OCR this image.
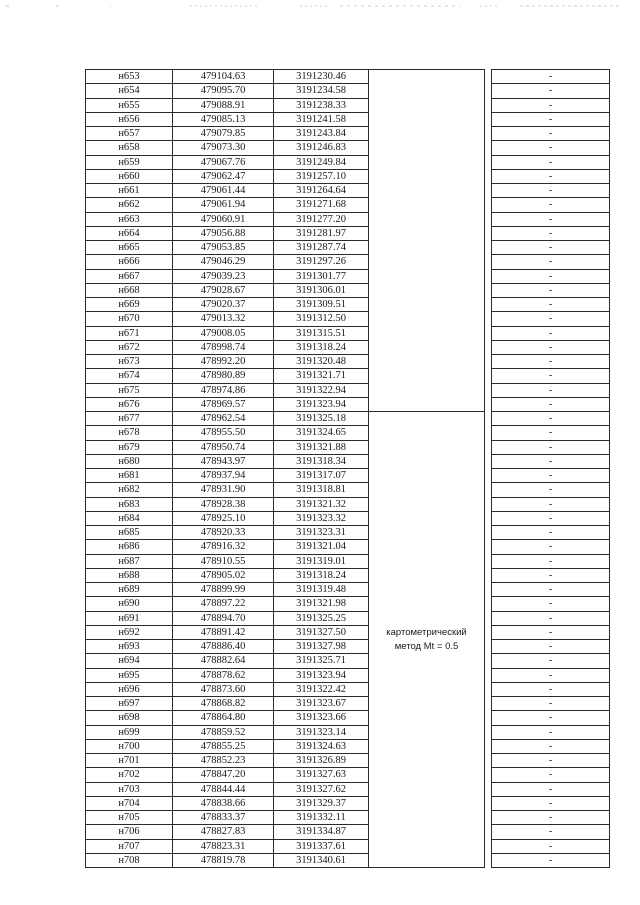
н653	479104.63	3191230.46			-
н654	479095.70	3191234.58			-
н655	479088.91	3191238.33			-
н656	479085.13	3191241.58			-
н657	479079.85	3191243.84			-
н658	479073.30	3191246.83			-
н659	479067.76	3191249.84			-
н660	479062.47	3191257.10			-
н661	479061.44	3191264.64			-
н662	479061.94	3191271.68			-
н663	479060.91	3191277.20			-
н664	479056.88	3191281.97			-
н665	479053.85	3191287.74			-
н666	479046.29	3191297.26			-
н667	479039.23	3191301.77			-
н668	479028.67	3191306.01			-
н669	479020.37	3191309.51			-
н670	479013.32	3191312.50			-
н671	479008.05	3191315.51			-
н672	478998.74	3191318.24			-
н673	478992.20	3191320.48			-
н674	478980.89	3191321.71			-
н675	478974.86	3191322.94			-
н676	478969.57	3191323.94			-
н677	478962.54	3191325.18	картометрический
метод Mt = 0.5		-
н678	478955.50	3191324.65			-
н679	478950.74	3191321.88			-
н680	478943.97	3191318.34			-
н681	478937.94	3191317.07			-
н682	478931.90	3191318.81			-
н683	478928.38	3191321.32			-
н684	478925.10	3191323.32			-
н685	478920.33	3191323.31			-
н686	478916.32	3191321.04			-
н687	478910.55	3191319.01			-
н688	478905.02	3191318.24			-
н689	478899.99	3191319.48			-
н690	478897.22	3191321.98			-
н691	478894.70	3191325.25			-
н692	478891.42	3191327.50			-
н693	478886.40	3191327.98			-
н694	478882.64	3191325.71			-
н695	478878.62	3191323.94			-
н696	478873.60	3191322.42			-
н697	478868.82	3191323.67			-
н698	478864.80	3191323.66			-
н699	478859.52	3191323.14			-
н700	478855.25	3191324.63			-
н701	478852.23	3191326.89			-
н702	478847.20	3191327.63			-
н703	478844.44	3191327.62			-
н704	478838.66	3191329.37			-
н705	478833.37	3191332.11			-
н706	478827.83	3191334.87			-
н707	478823.31	3191337.61			-
н708	478819.78	3191340.61			-
